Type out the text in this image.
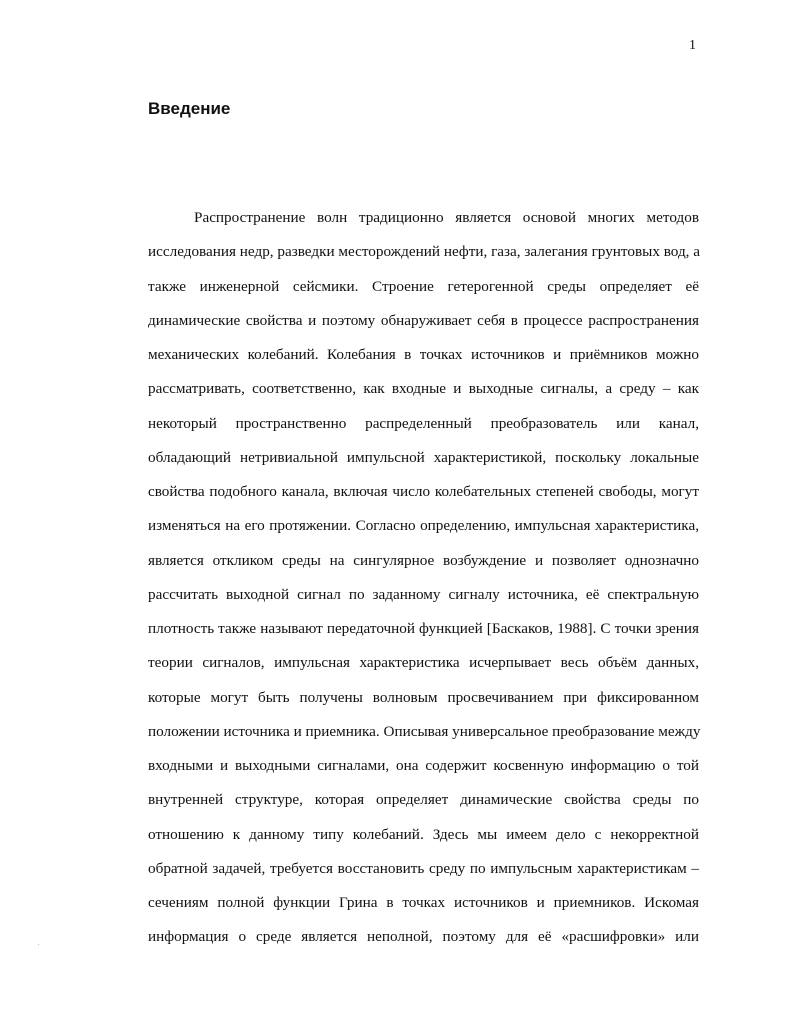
1
Введение
Распространение волн традиционно является основой многих методов
исследования недр, разведки месторождений нефти, газа, залегания грунтовых вод, а
также инженерной сейсмики. Строение гетерогенной среды определяет её
динамические свойства и поэтому обнаруживает себя в процессе распространения
механических колебаний. Колебания в точках источников и приёмников можно
рассматривать, соответственно, как входные и выходные сигналы, а среду – как
некоторый пространственно распределенный преобразователь или канал,
обладающий нетривиальной импульсной характеристикой, поскольку локальные
свойства подобного канала, включая число колебательных степеней свободы, могут
изменяться на его протяжении. Согласно определению, импульсная характеристика,
является откликом среды на сингулярное возбуждение и позволяет однозначно
рассчитать выходной сигнал по заданному сигналу источника, её спектральную
плотность также называют передаточной функцией [Баскаков, 1988]. С точки зрения
теории сигналов, импульсная характеристика исчерпывает весь объём данных,
которые могут быть получены волновым просвечиванием при фиксированном
положении источника и приемника. Описывая универсальное преобразование между
входными и выходными сигналами, она содержит косвенную информацию о той
внутренней структуре, которая определяет динамические свойства среды по
отношению к данному типу колебаний. Здесь мы имеем дело с некорректной
обратной задачей, требуется восстановить среду по импульсным характеристикам –
сечениям полной функции Грина в точках источников и приемников. Искомая
информация о среде является неполной, поэтому для её «расшифровки» или
